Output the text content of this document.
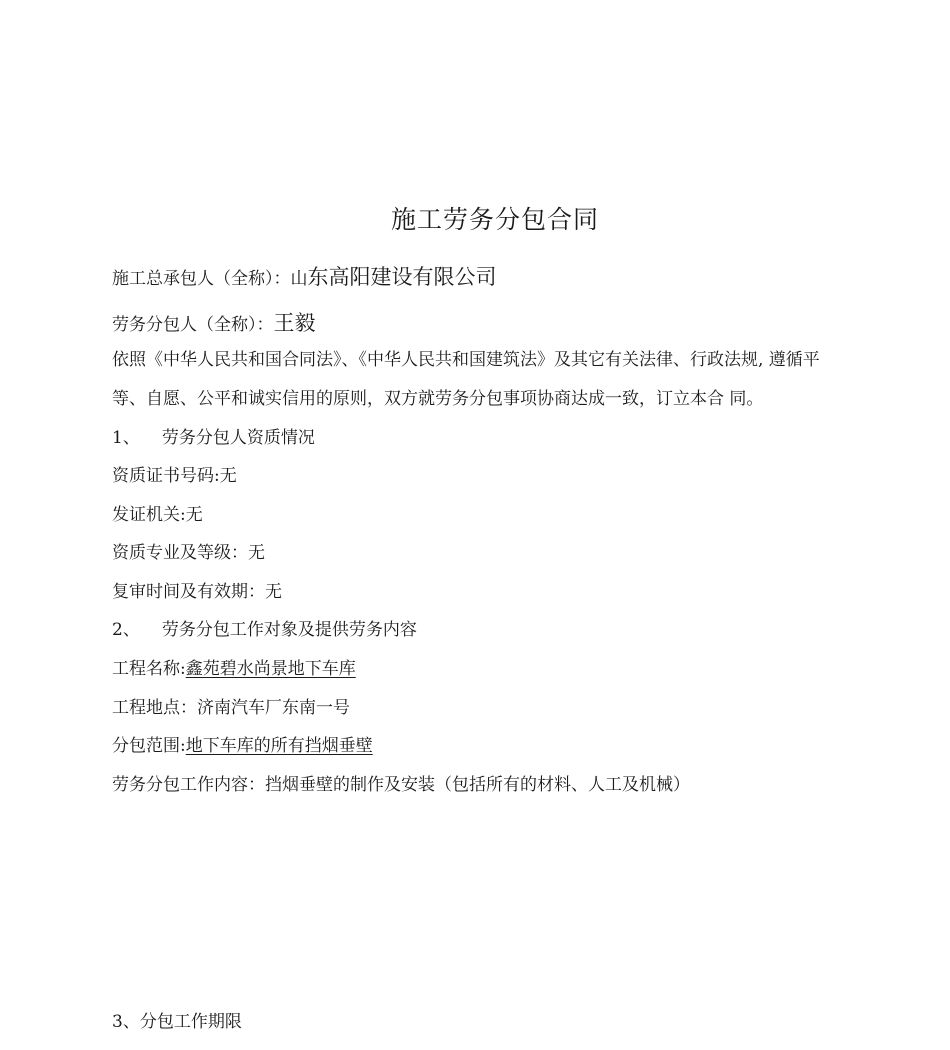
施工劳务分包合同
施工总承包人（全称）：山东高阳建设有限公司
劳务分包人（全称）：王毅
依照《中华人民共和国合同法》、《中华人民共和国建筑法》及其它有关法律、行政法规, 遵循平
等、自愿、公平和诚实信用的原则，双方就劳务分包事项协商达成一致，订立本合 同。
1、 劳务分包人资质情况
资质证书号码:无
发证机关:无
资质专业及等级：无
复审时间及有效期：无
2、 劳务分包工作对象及提供劳务内容
工程名称:鑫苑碧水尚景地下车库
工程地点：济南汽车厂东南一号
分包范围:地下车库的所有挡烟垂壁
劳务分包工作内容：挡烟垂壁的制作及安装（包括所有的材料、人工及机械）
3、分包工作期限
